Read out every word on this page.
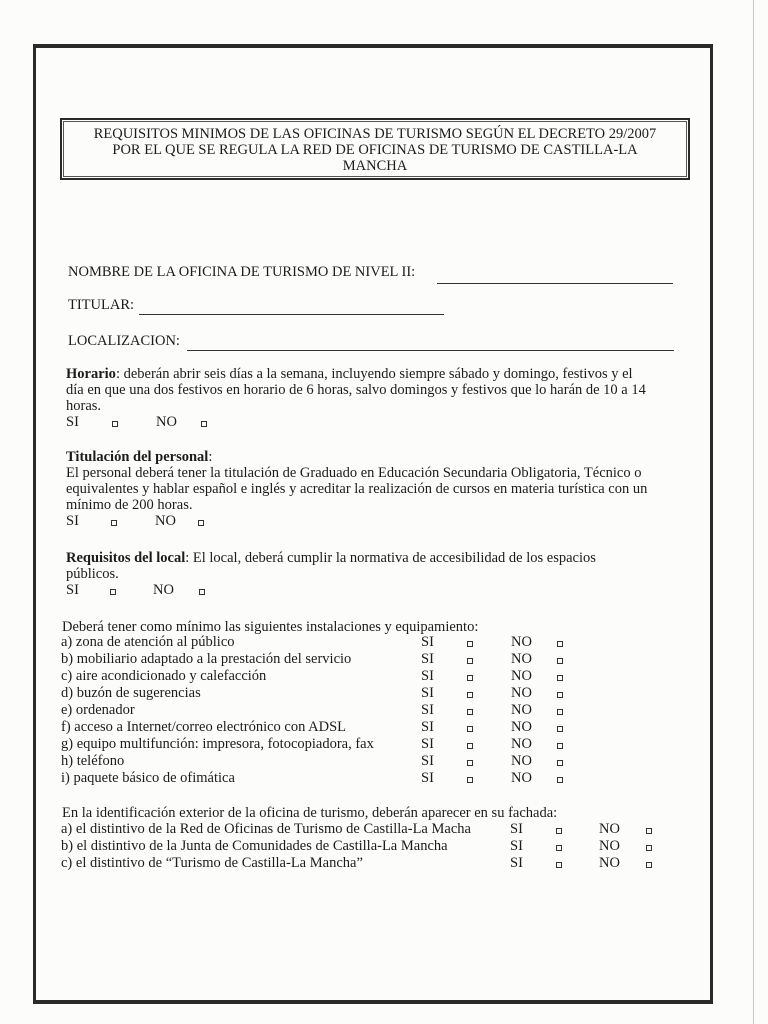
REQUISITOS MINIMOS DE LAS OFICINAS DE TURISMO SEGÚN EL DECRETO 29/2007
POR EL QUE SE REGULA LA RED DE OFICINAS DE TURISMO DE CASTILLA-LA
MANCHA
NOMBRE DE LA OFICINA DE TURISMO DE NIVEL II:
TITULAR:
LOCALIZACION:
Horario: deberán abrir seis días a la semana, incluyendo siempre sábado y domingo, festivos y el
día en que una dos festivos en horario de 6 horas, salvo domingos y festivos que lo harán de 10 a 14
horas.
SI	NO
Titulación del personal:
El personal deberá tener la titulación de Graduado en Educación Secundaria Obligatoria, Técnico o
equivalentes y hablar español e inglés y acreditar la realización de cursos en materia turística con un
mínimo de 200 horas.
SI	NO
Requisitos del local: El local, deberá cumplir la normativa de accesibilidad de los espacios
públicos.
SI	NO
Deberá tener como mínimo las siguientes instalaciones y equipamiento:
a) zona de atención al público	SI	NO
b) mobiliario adaptado a la prestación del servicio	SI	NO
c) aire acondicionado y calefacción	SI	NO
d) buzón de sugerencias	SI	NO
e) ordenador	SI	NO
f) acceso a Internet/correo electrónico con ADSL	SI	NO
g) equipo multifunción: impresora, fotocopiadora, fax	SI	NO
h) teléfono	SI	NO
i) paquete básico de ofimática	SI	NO
En la identificación exterior de la oficina de turismo, deberán aparecer en su fachada:
a) el distintivo de la Red de Oficinas de Turismo de Castilla-La Macha	SI	NO
b) el distintivo de la Junta de Comunidades de Castilla-La Mancha	SI	NO
c) el distintivo de “Turismo de Castilla-La Mancha”	SI	NO
